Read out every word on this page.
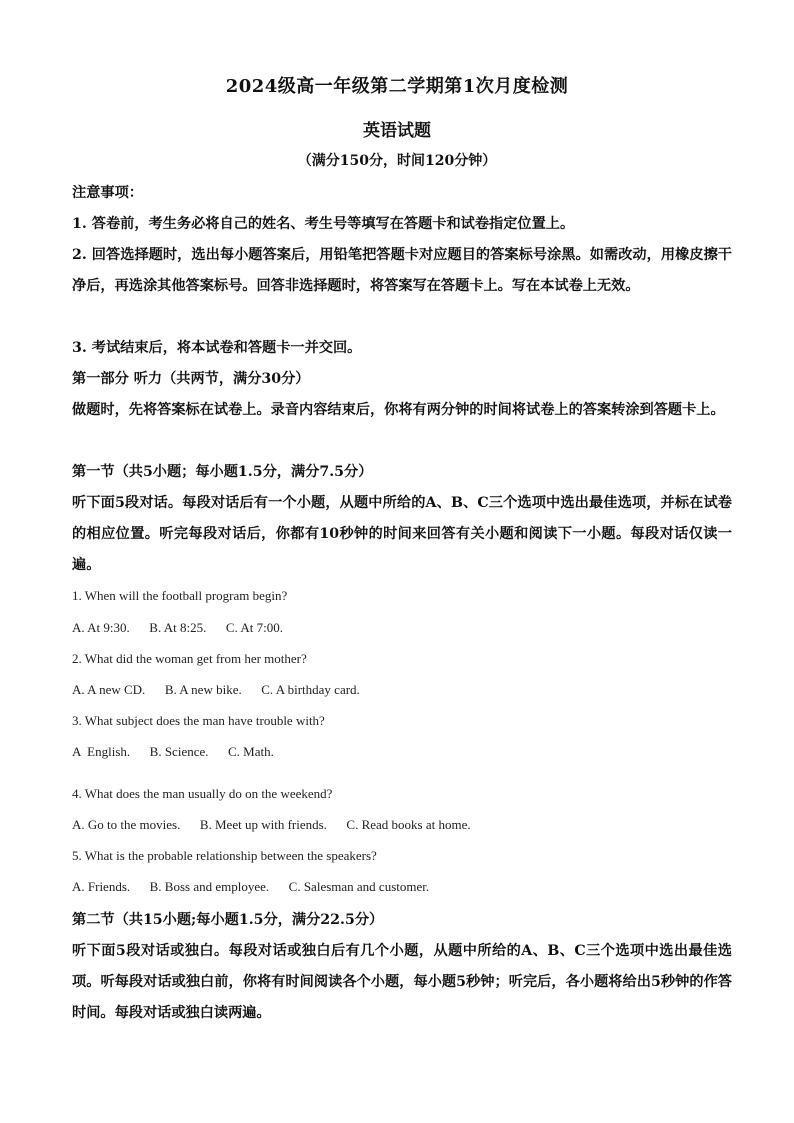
2024级高一年级第二学期第1次月度检测
英语试题
（满分150分，时间120分钟）
注意事项：
1. 答卷前，考生务必将自己的姓名、考生号等填写在答题卡和试卷指定位置上。
2. 回答选择题时，选出每小题答案后，用铅笔把答题卡对应题目的答案标号涂黑。如需改动，用橡皮擦干净后，再选涂其他答案标号。回答非选择题时，将答案写在答题卡上。写在本试卷上无效。
3. 考试结束后，将本试卷和答题卡一并交回。
第一部分 听力（共两节，满分30分）
做题时，先将答案标在试卷上。录音内容结束后，你将有两分钟的时间将试卷上的答案转涂到答题卡上。
第一节（共5小题；每小题1.5分，满分7.5分）
听下面5段对话。每段对话后有一个小题，从题中所给的A、B、C三个选项中选出最佳选项，并标在试卷的相应位置。听完每段对话后，你都有10秒钟的时间来回答有关小题和阅读下一小题。每段对话仅读一遍。
1. When will the football program begin?
A. At 9:30. B. At 8:25. C. At 7:00.
2. What did the woman get from her mother?
A. A new CD. B. A new bike. C. A birthday card.
3. What subject does the man have trouble with?
A  English. B. Science. C. Math.
4. What does the man usually do on the weekend?
A. Go to the movies. B. Meet up with friends. C. Read books at home.
5. What is the probable relationship between the speakers?
A. Friends. B. Boss and employee. C. Salesman and customer.
第二节（共15小题;每小题1.5分，满分22.5分）
听下面5段对话或独白。每段对话或独白后有几个小题，从题中所给的A、B、C三个选项中选出最佳选项。听每段对话或独白前，你将有时间阅读各个小题，每小题5秒钟；听完后，各小题将给出5秒钟的作答时间。每段对话或独白读两遍。
